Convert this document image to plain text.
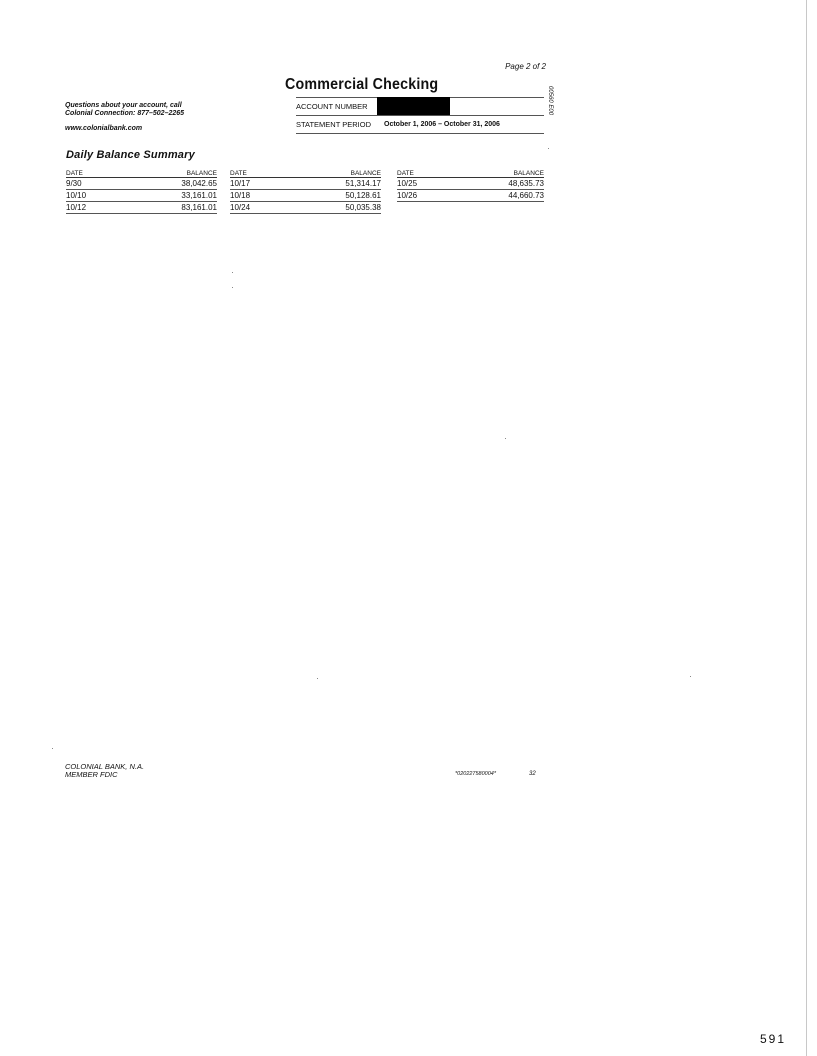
Page 2 of 2
Commercial Checking
00560 E00
Questions about your account, call
Colonial Connection: 877–502–2265
www.colonialbank.com
ACCOUNT NUMBER
STATEMENT PERIOD	October 1, 2006 – October 31, 2006
Daily Balance Summary
DATE	BALANCE
9/30	38,042.65
10/10	33,161.01
10/12	83,161.01
DATE	BALANCE
10/17	51,314.17
10/18	50,128.61
10/24	50,035.38
DATE	BALANCE
10/25	48,635.73
10/26	44,660.73
COLONIAL BANK, N.A.
MEMBER FDIC	*020227580004*	32
591
